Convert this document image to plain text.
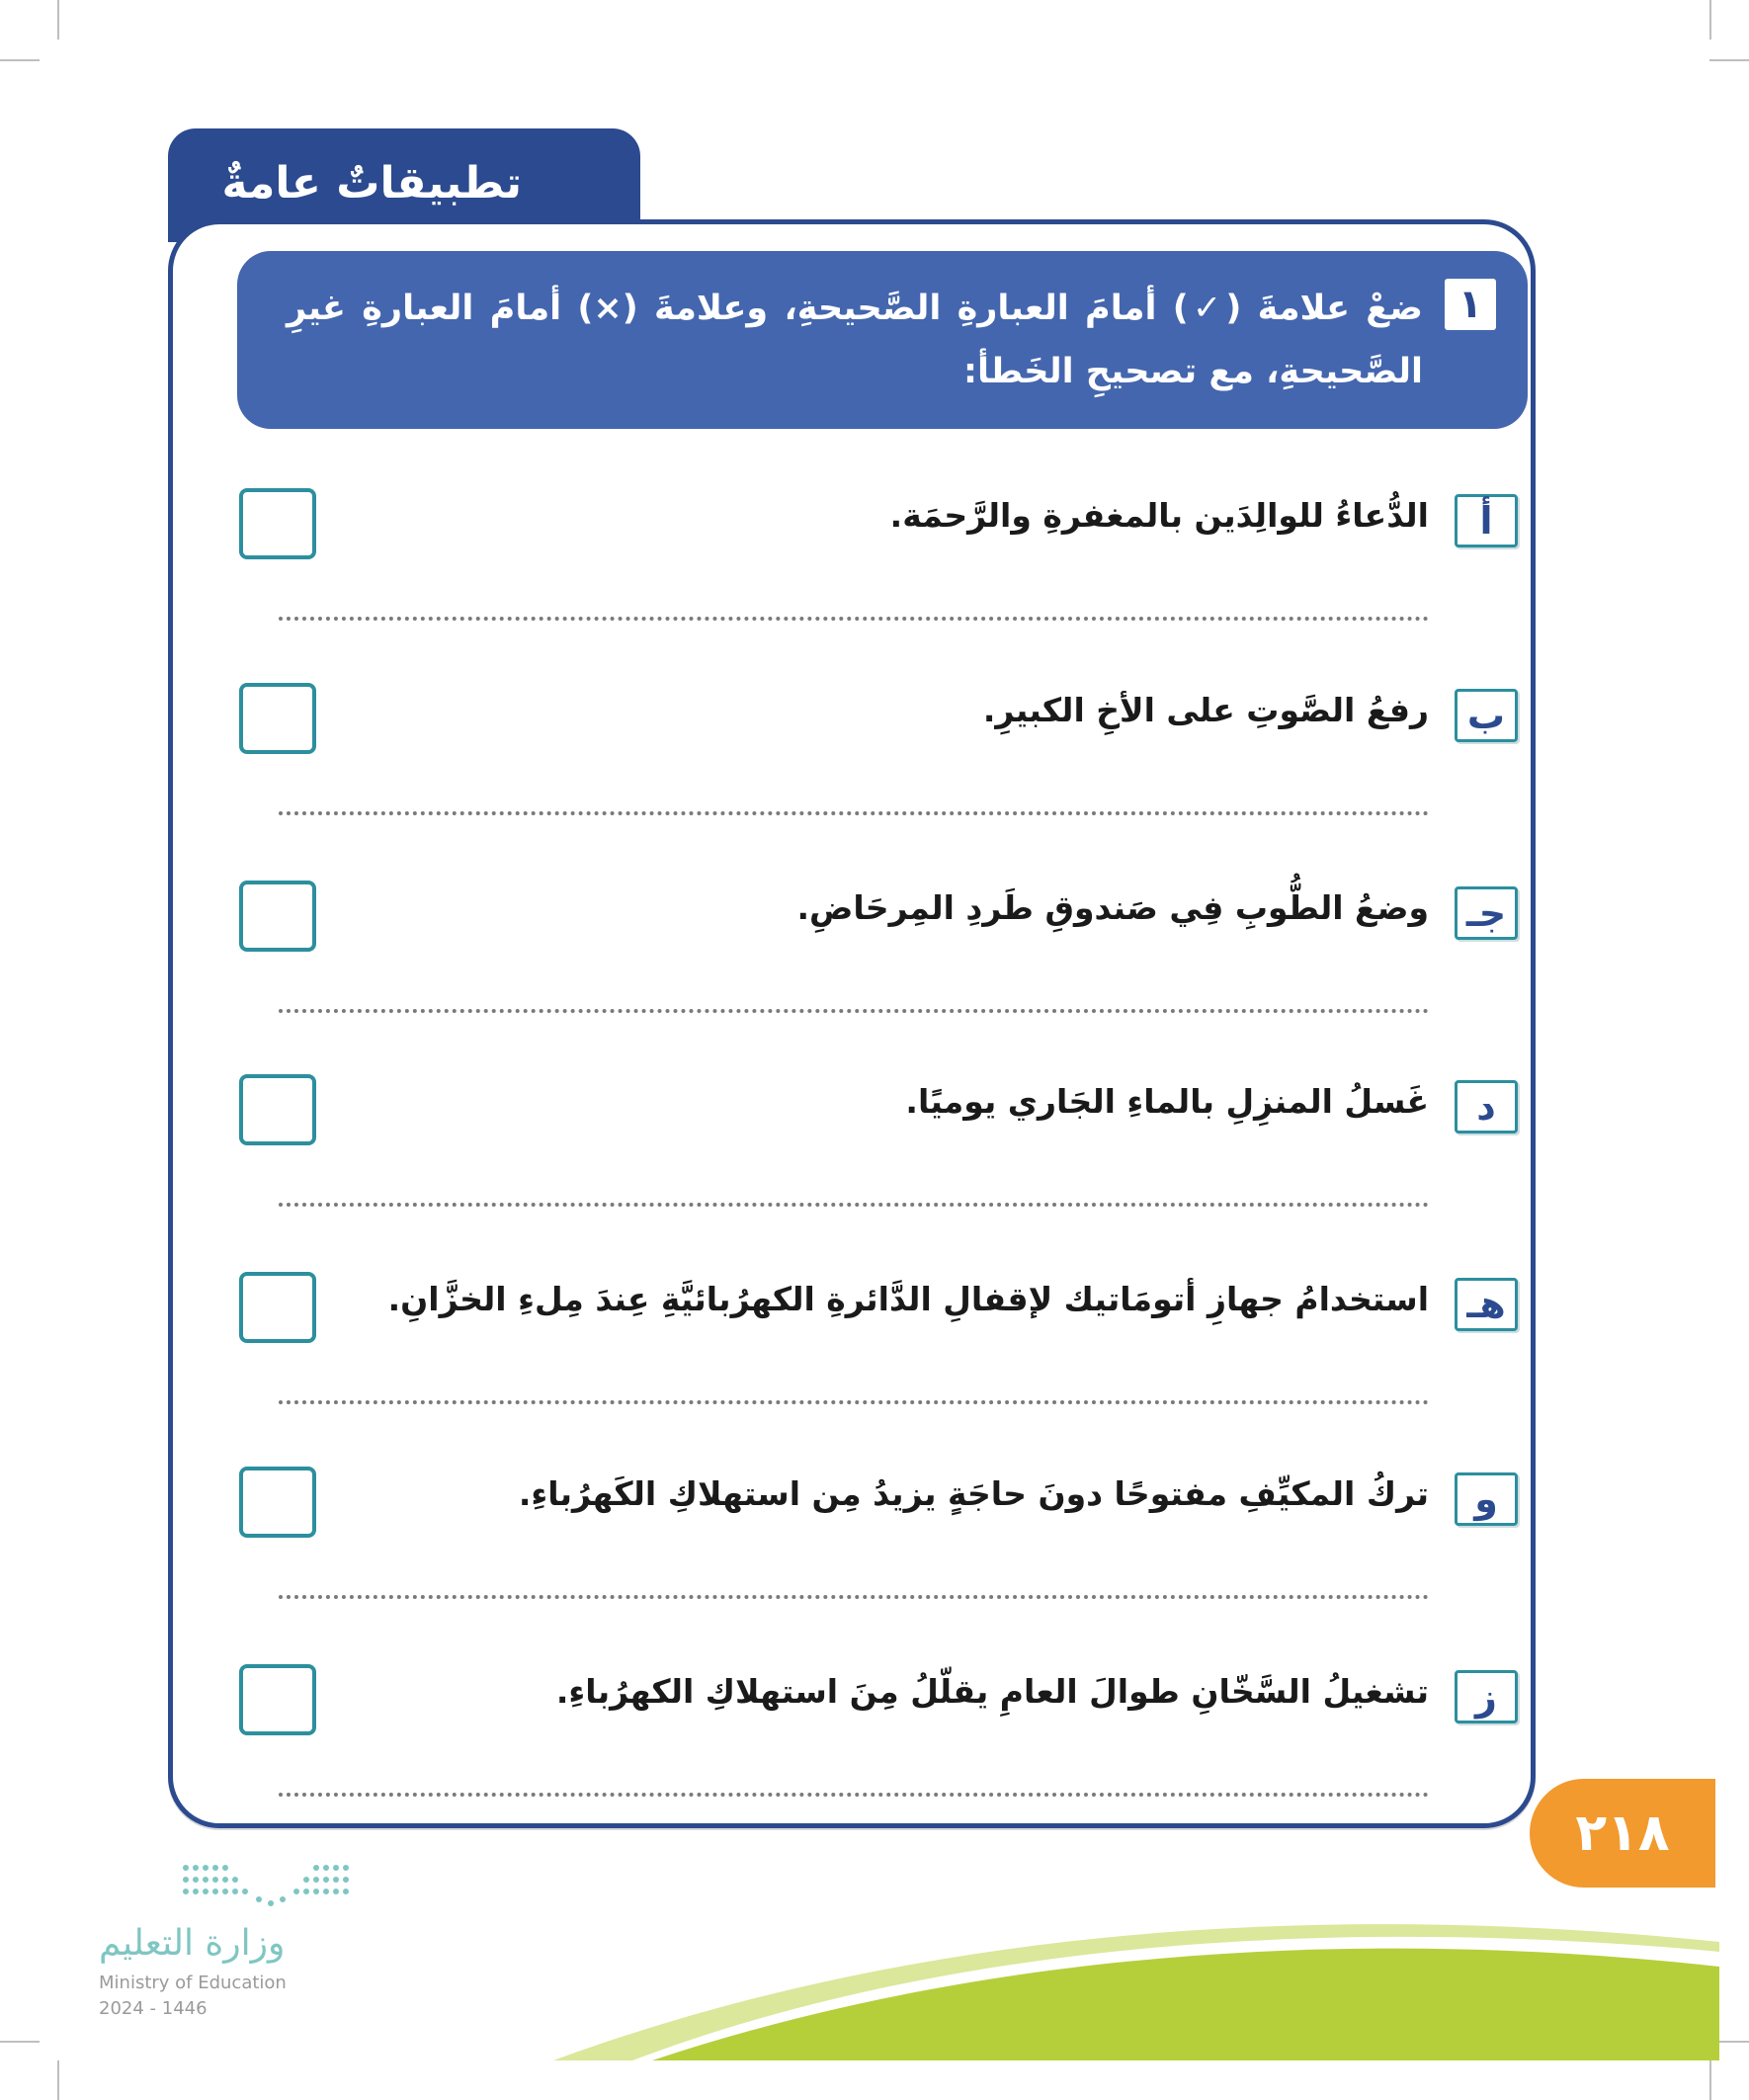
تطبيقاتٌ عامةٌ
١
ضعْ علامةَ (✓) أمامَ العبارةِ الصَّحيحةِ، وعلامةَ (×) أمامَ العبارةِ غيرِ الصَّحيحةِ، مع تصحيحِ الخَطأ:
أ
الدُّعاءُ للوالِدَين بالمغفرةِ والرَّحمَة.
ب
رفعُ الصَّوتِ على الأخِ الكبيرِ.
جـ
وضعُ الطُّوبِ فِي صَندوقِ طَردِ المِرحَاضِ.
د
غَسلُ المنزِلِ بالماءِ الجَاري يوميًا.
هـ
استخدامُ جهازِ أتومَاتيك لإقفالِ الدَّائرةِ الكهرُبائيَّةِ عِندَ مِلءِ الخزَّانِ.
و
تركُ المكيِّفِ مفتوحًا دونَ حاجَةٍ يزيدُ مِن استهلاكِ الكَهرُباءِ.
ز
تشغيلُ السَّخّانِ طوالَ العامِ يقلّلُ مِنَ استهلاكِ الكهرُباءِ.
٢١٨
وزارة التعليم
Ministry of Education
2024 - 1446
